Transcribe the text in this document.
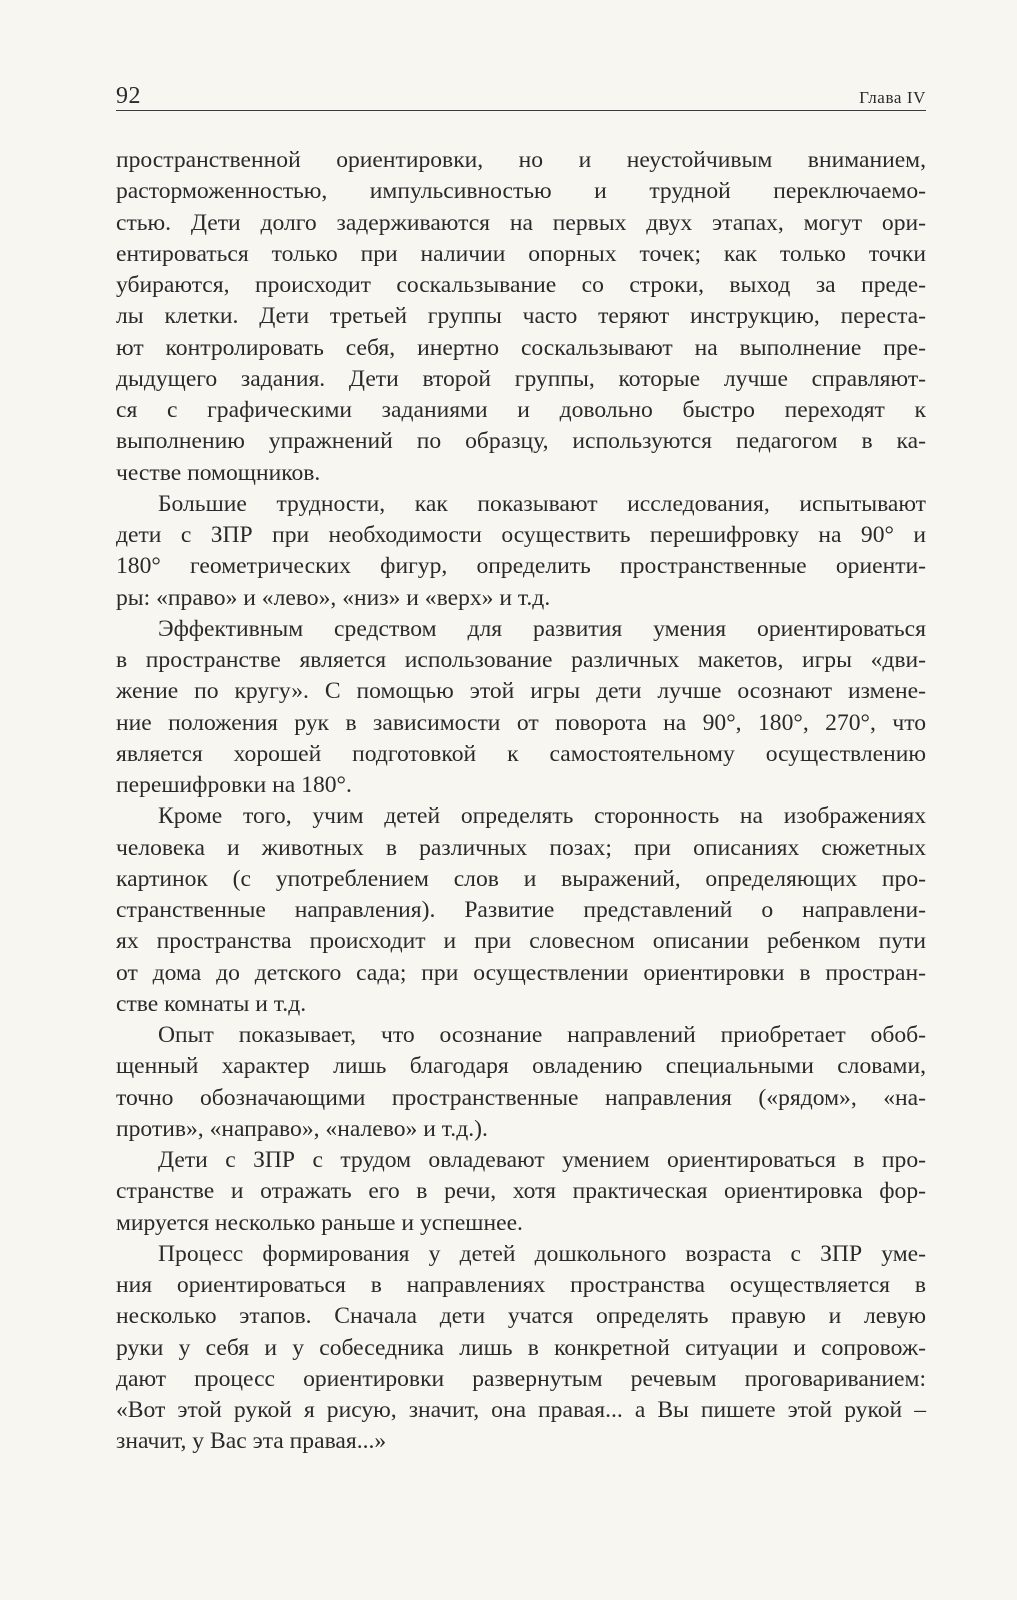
92	Глава IV
пространственной ориентировки, но и неустойчивым вниманием,
расторможенностью, импульсивностью и трудной переключаемо-
стью. Дети долго задерживаются на первых двух этапах, могут ори-
ентироваться только при наличии опорных точек; как только точки
убираются, происходит соскальзывание со строки, выход за преде-
лы клетки. Дети третьей группы часто теряют инструкцию, переста-
ют контролировать себя, инертно соскальзывают на выполнение пре-
дыдущего задания. Дети второй группы, которые лучше справляют-
ся с графическими заданиями и довольно быстро переходят к
выполнению упражнений по образцу, используются педагогом в ка-
честве помощников.
Большие трудности, как показывают исследования, испытывают
дети с ЗПР при необходимости осуществить перешифровку на 90° и
180° геометрических фигур, определить пространственные ориенти-
ры: «право» и «лево», «низ» и «верх» и т.д.
Эффективным средством для развития умения ориентироваться
в пространстве является использование различных макетов, игры «дви-
жение по кругу». С помощью этой игры дети лучше осознают измене-
ние положения рук в зависимости от поворота на 90°, 180°, 270°, что
является хорошей подготовкой к самостоятельному осуществлению
перешифровки на 180°.
Кроме того, учим детей определять сторонность на изображениях
человека и животных в различных позах; при описаниях сюжетных
картинок (с употреблением слов и выражений, определяющих про-
странственные направления). Развитие представлений о направлени-
ях пространства происходит и при словесном описании ребенком пути
от дома до детского сада; при осуществлении ориентировки в простран-
стве комнаты и т.д.
Опыт показывает, что осознание направлений приобретает обоб-
щенный характер лишь благодаря овладению специальными словами,
точно обозначающими пространственные направления («рядом», «на-
против», «направо», «налево» и т.д.).
Дети с ЗПР с трудом овладевают умением ориентироваться в про-
странстве и отражать его в речи, хотя практическая ориентировка фор-
мируется несколько раньше и успешнее.
Процесс формирования у детей дошкольного возраста с ЗПР уме-
ния ориентироваться в направлениях пространства осуществляется в
несколько этапов. Сначала дети учатся определять правую и левую
руки у себя и у собеседника лишь в конкретной ситуации и сопровож-
дают процесс ориентировки развернутым речевым проговариванием:
«Вот этой рукой я рисую, значит, она правая... а Вы пишете этой рукой –
значит, у Вас эта правая...»
